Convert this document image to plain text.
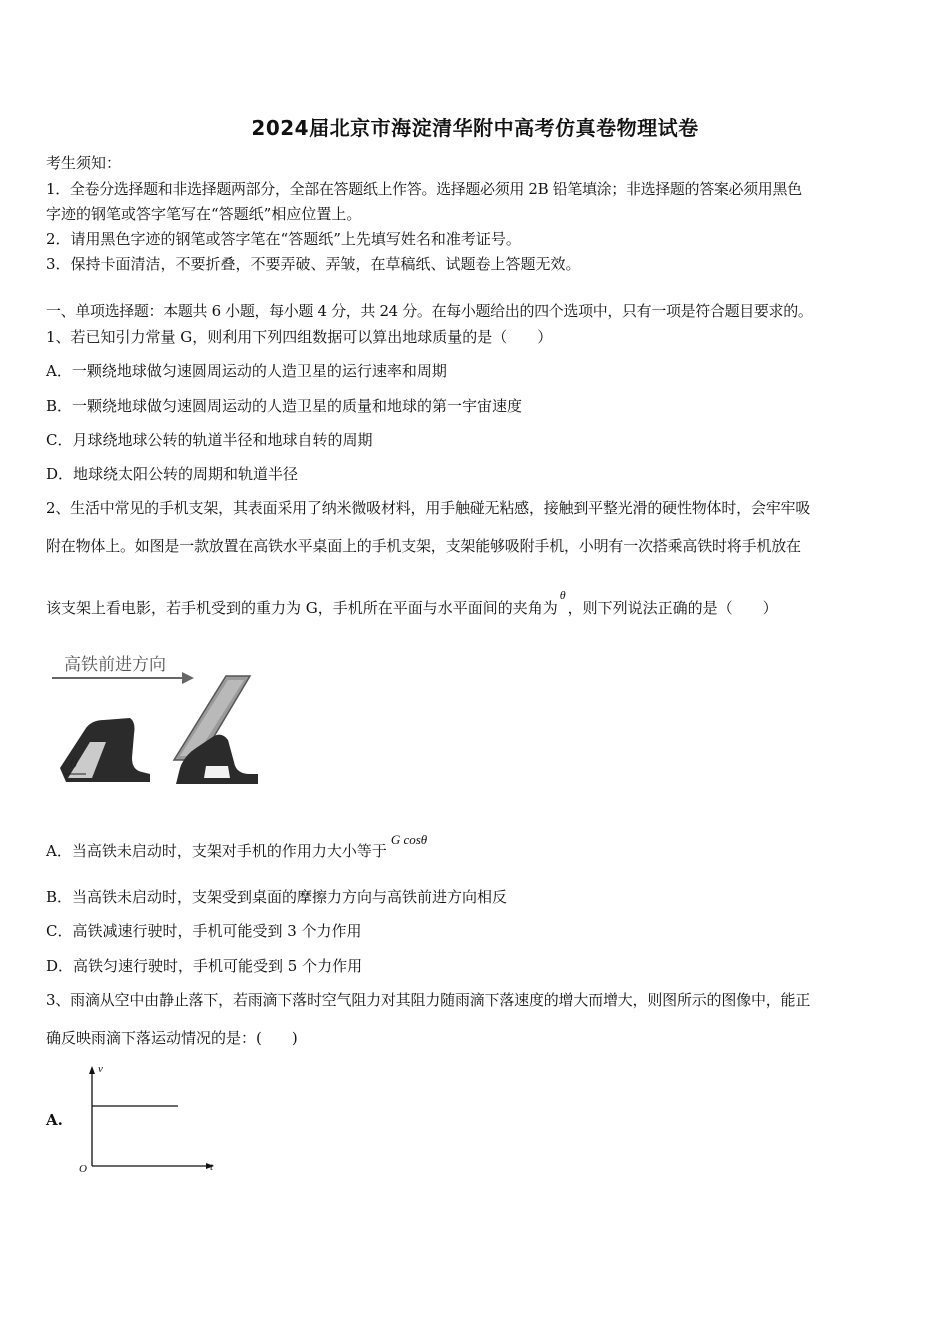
2024届北京市海淀清华附中高考仿真卷物理试卷
考生须知：
1．全卷分选择题和非选择题两部分，全部在答题纸上作答。选择题必须用 2B 铅笔填涂；非选择题的答案必须用黑色
字迹的钢笔或答字笔写在“答题纸”相应位置上。
2．请用黑色字迹的钢笔或答字笔在“答题纸”上先填写姓名和准考证号。
3．保持卡面清洁，不要折叠，不要弄破、弄皱，在草稿纸、试题卷上答题无效。
一、单项选择题：本题共 6 小题，每小题 4 分，共 24 分。在每小题给出的四个选项中，只有一项是符合题目要求的。
1、若已知引力常量 G，则利用下列四组数据可以算出地球质量的是（　　）
A．一颗绕地球做匀速圆周运动的人造卫星的运行速率和周期
B．一颗绕地球做匀速圆周运动的人造卫星的质量和地球的第一宇宙速度
C．月球绕地球公转的轨道半径和地球自转的周期
D．地球绕太阳公转的周期和轨道半径
2、生活中常见的手机支架，其表面采用了纳米微吸材料，用手触碰无粘感，接触到平整光滑的硬性物体时，会牢牢吸
附在物体上。如图是一款放置在高铁水平桌面上的手机支架，支架能够吸附手机，小明有一次搭乘高铁时将手机放在
该支架上看电影，若手机受到的重力为 G，手机所在平面与水平面间的夹角为$^\theta$，则下列说法正确的是（　　）
高铁前进方向
θ
A．当高铁未启动时，支架对手机的作用力大小等于G cosθ
B．当高铁未启动时，支架受到桌面的摩擦力方向与高铁前进方向相反
C．高铁减速行驶时，手机可能受到 3 个力作用
D．高铁匀速行驶时，手机可能受到 5 个力作用
3、雨滴从空中由静止落下，若雨滴下落时空气阻力对其阻力随雨滴下落速度的增大而增大，则图所示的图像中，能正
确反映雨滴下落运动情况的是：(　　)
A.
v
t
O
